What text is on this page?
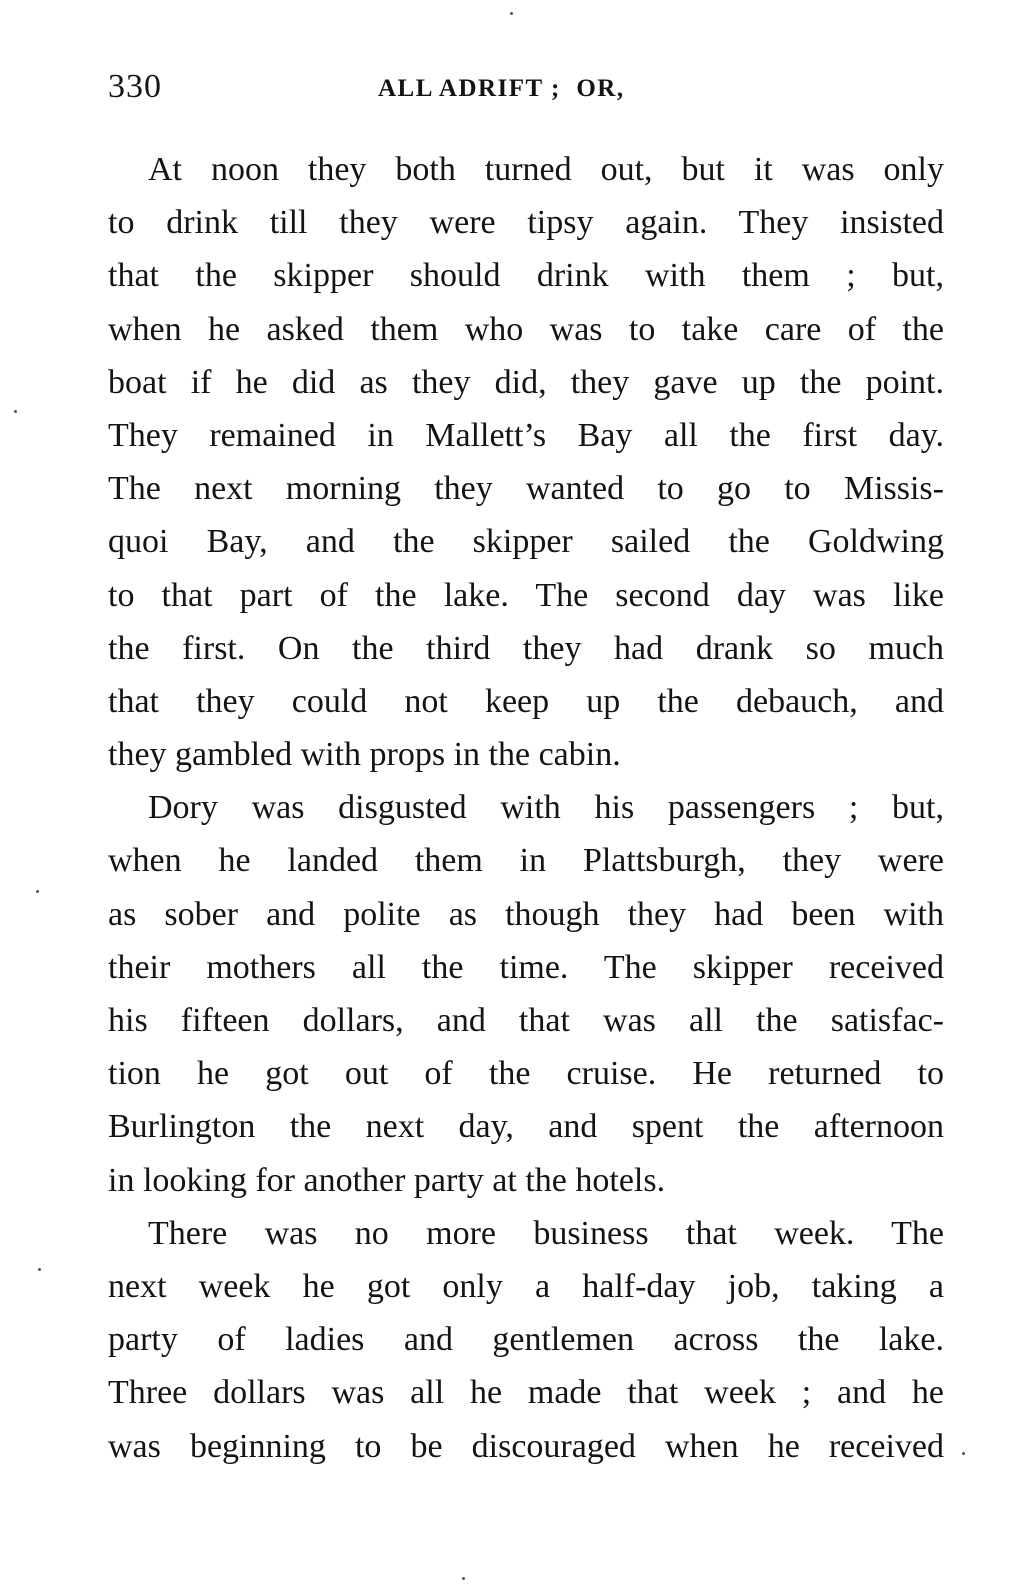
330	ALL ADRIFT ;  OR,
At noon they both turned out, but it was only
to drink till they were tipsy again. They insisted
that the skipper should drink with them ; but,
when he asked them who was to take care of the
boat if he did as they did, they gave up the point.
They remained in Mallett’s Bay all the first day.
The next morning they wanted to go to Missis-
quoi Bay, and the skipper sailed the Goldwing
to that part of the lake. The second day was like
the first. On the third they had drank so much
that they could not keep up the debauch, and
they gambled with props in the cabin.
Dory was disgusted with his passengers ; but,
when he landed them in Plattsburgh, they were
as sober and polite as though they had been with
their mothers all the time. The skipper received
his fifteen dollars, and that was all the satisfac-
tion he got out of the cruise. He returned to
Burlington the next day, and spent the afternoon
in looking for another party at the hotels.
There was no more business that week. The
next week he got only a half-day job, taking a
party of ladies and gentlemen across the lake.
Three dollars was all he made that week ; and he
was beginning to be discouraged when he received
